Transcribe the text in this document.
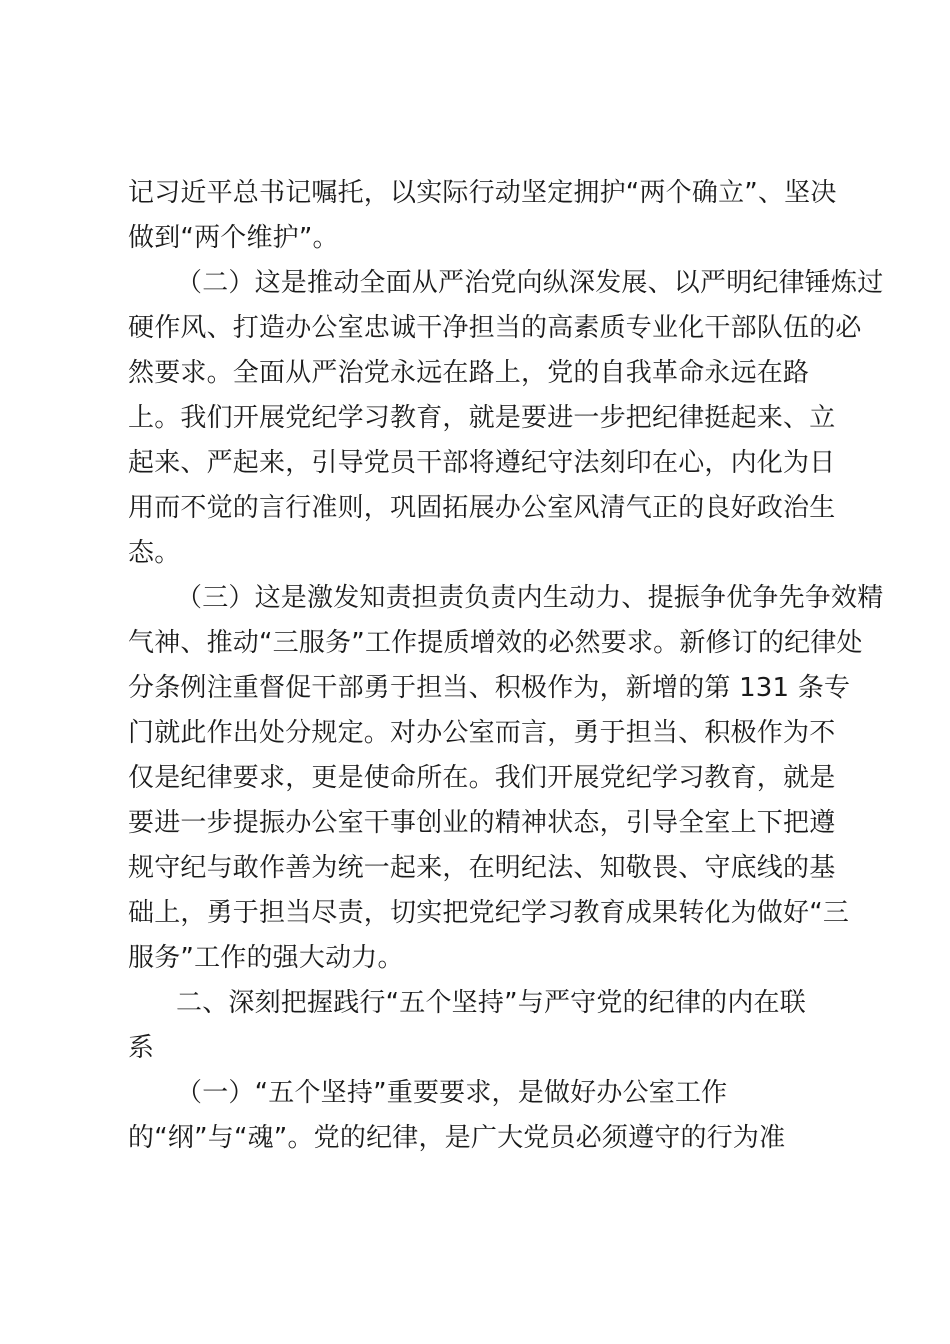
记习近平总书记嘱托，以实际行动坚定拥护“两个确立”、坚决
做到“两个维护”。
（二）这是推动全面从严治党向纵深发展、以严明纪律锤炼过
硬作风、打造办公室忠诚干净担当的高素质专业化干部队伍的必
然要求。全面从严治党永远在路上，党的自我革命永远在路
上。我们开展党纪学习教育，就是要进一步把纪律挺起来、立
起来、严起来，引导党员干部将遵纪守法刻印在心，内化为日
用而不觉的言行准则，巩固拓展办公室风清气正的良好政治生
态。
（三）这是激发知责担责负责内生动力、提振争优争先争效精
气神、推动“三服务”工作提质增效的必然要求。新修订的纪律处
分条例注重督促干部勇于担当、积极作为，新增的第 131 条专
门就此作出处分规定。对办公室而言，勇于担当、积极作为不
仅是纪律要求，更是使命所在。我们开展党纪学习教育，就是
要进一步提振办公室干事创业的精神状态，引导全室上下把遵
规守纪与敢作善为统一起来，在明纪法、知敬畏、守底线的基
础上，勇于担当尽责，切实把党纪学习教育成果转化为做好“三
服务”工作的强大动力。
二、深刻把握践行“五个坚持”与严守党的纪律的内在联
系
（一）“五个坚持”重要要求，是做好办公室工作
的“纲”与“魂”。党的纪律，是广大党员必须遵守的行为准
